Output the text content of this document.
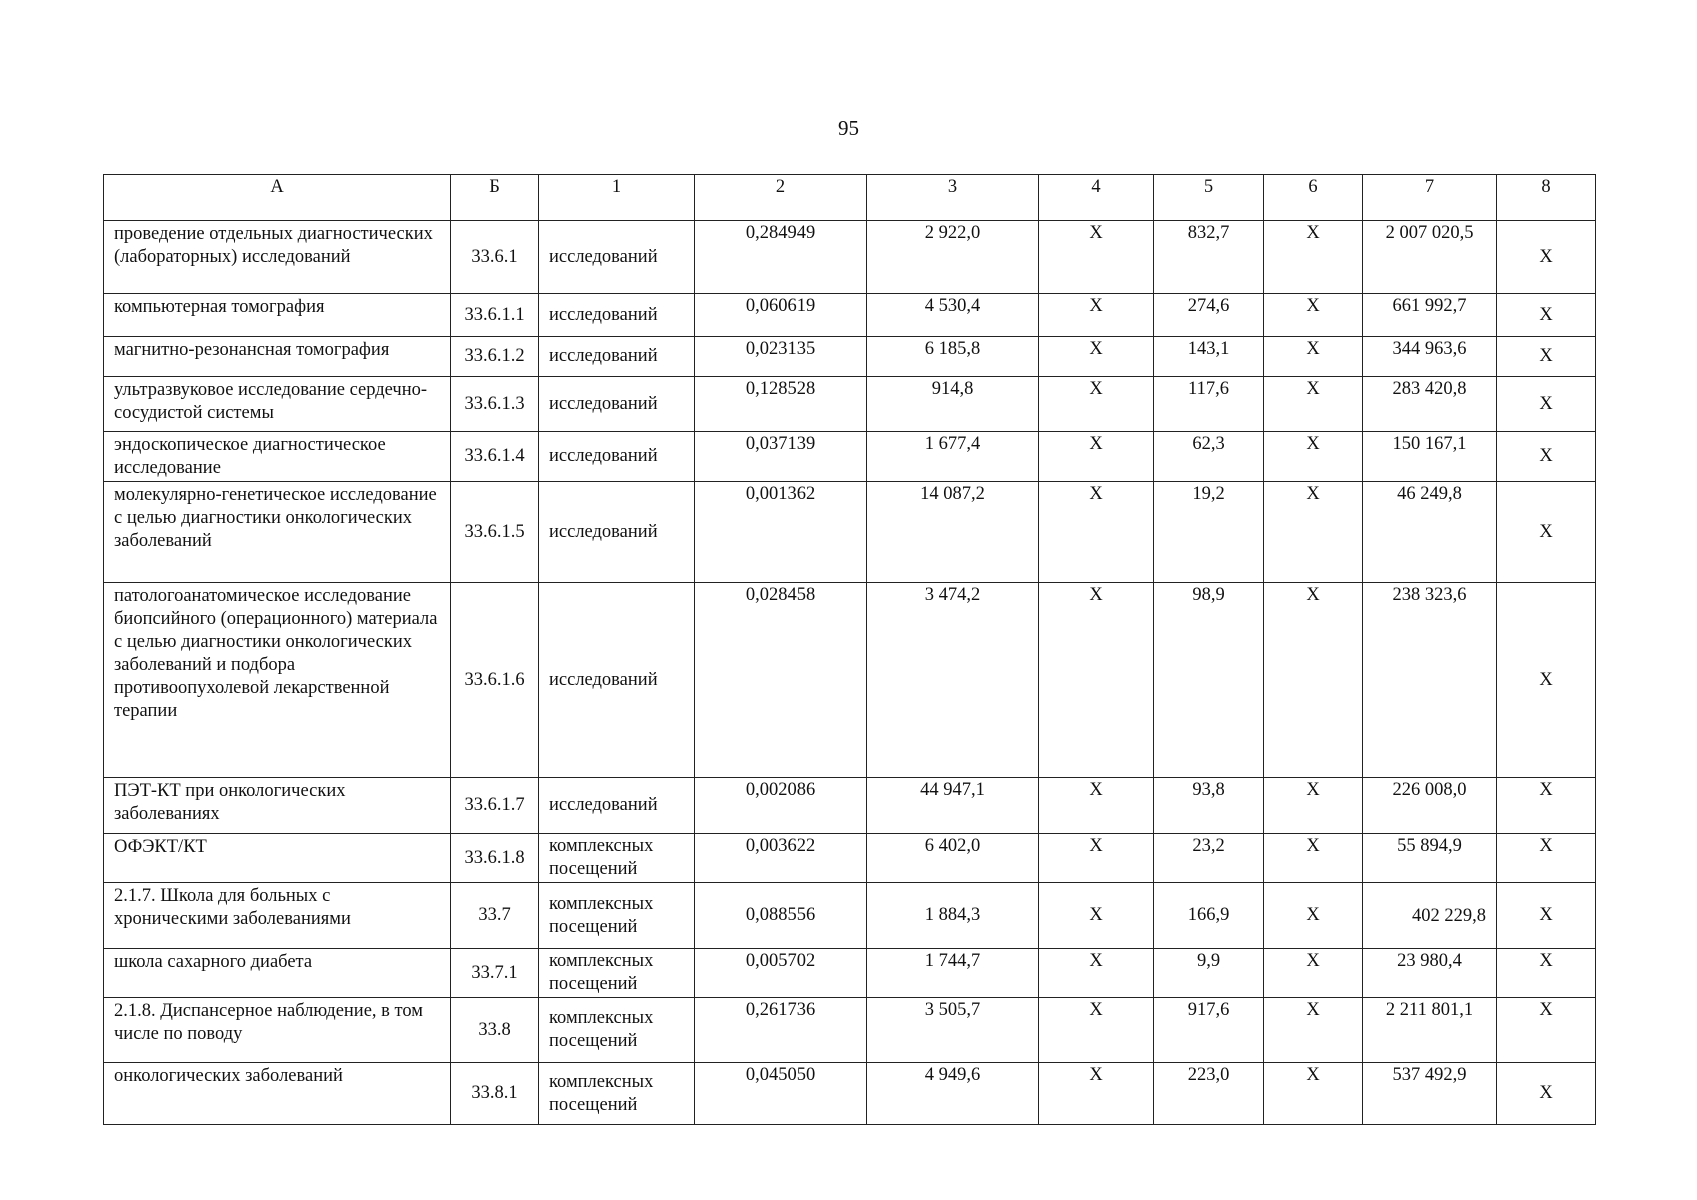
95
А	Б	1	2	3	4	5	6	7	8
проведение отдельных диагностических (лабораторных) исследований	33.6.1	исследований	0,284949	2 922,0	X	832,7	X	2 007 020,5	X
компьютерная томография	33.6.1.1	исследований	0,060619	4 530,4	X	274,6	X	661 992,7	X
магнитно-резонансная томография	33.6.1.2	исследований	0,023135	6 185,8	X	143,1	X	344 963,6	X
ультразвуковое исследование сердечно-сосудистой системы	33.6.1.3	исследований	0,128528	914,8	X	117,6	X	283 420,8	X
эндоскопическое диагностическое исследование	33.6.1.4	исследований	0,037139	1 677,4	X	62,3	X	150 167,1	X
молекулярно-генетическое исследование с целью диагностики онкологических заболеваний	33.6.1.5	исследований	0,001362	14 087,2	X	19,2	X	46 249,8	X
патологоанатомическое исследование биопсийного (операционного) материала с целью диагностики онкологических заболеваний и подбора противоопухолевой лекарственной терапии	33.6.1.6	исследований	0,028458	3 474,2	X	98,9	X	238 323,6	X
ПЭТ-КТ при онкологических заболеваниях	33.6.1.7	исследований	0,002086	44 947,1	X	93,8	X	226 008,0	X
ОФЭКТ/КТ	33.6.1.8	комплексных посещений	0,003622	6 402,0	X	23,2	X	55 894,9	X
2.1.7. Школа для больных с хроническими заболеваниями	33.7	комплексных посещений	0,088556	1 884,3	X	166,9	X	402 229,8	X
школа сахарного диабета	33.7.1	комплексных посещений	0,005702	1 744,7	X	9,9	X	23 980,4	X
2.1.8. Диспансерное наблюдение, в том числе по поводу	33.8	комплексных посещений	0,261736	3 505,7	X	917,6	X	2 211 801,1	X
онкологических заболеваний	33.8.1	комплексных посещений	0,045050	4 949,6	X	223,0	X	537 492,9	X
